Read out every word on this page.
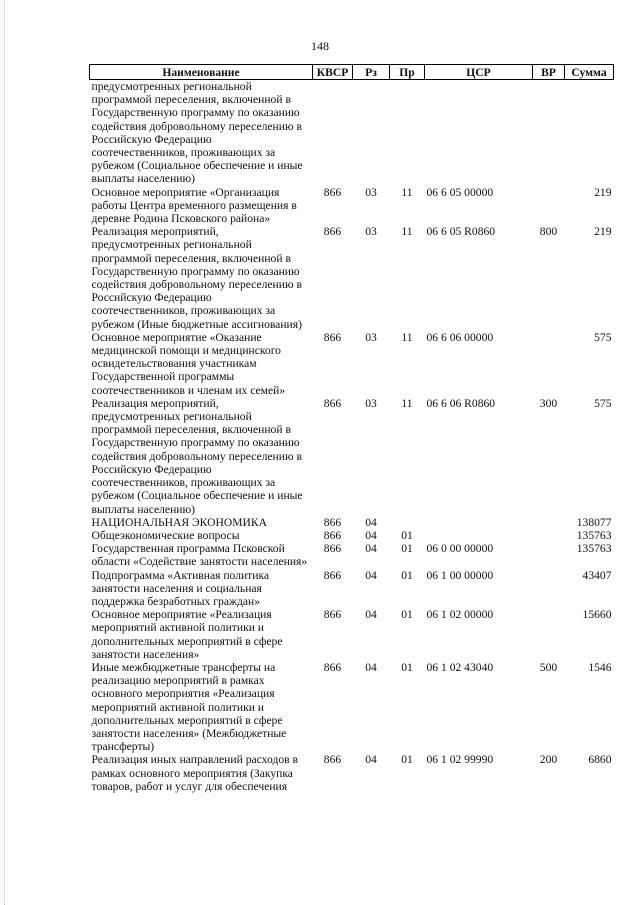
148
Наименование	КВСР	Рз	Пр	ЦСР	ВР	Сумма
предусмотренных региональной программой переселения, включенной в Государственную программу по оказанию содействия добровольному переселению в Российскую Федерацию соотечественников, проживающих за рубежом (Социальное обеспечение и иные выплаты населению)						
Основное мероприятие «Организация работы Центра временного размещения в деревне Родина Псковского района»	866	03	11	06 6 05 00000		219
Реализация мероприятий, предусмотренных региональной программой переселения, включенной в Государственную программу по оказанию содействия добровольному переселению в Российскую Федерацию соотечественников, проживающих за рубежом (Иные бюджетные ассигнования)	866	03	11	06 6 05 R0860	800	219
Основное мероприятие «Оказание медицинской помощи и медицинского освидетельствования участникам Государственной программы соотечественников и членам их семей»	866	03	11	06 6 06 00000		575
Реализация мероприятий, предусмотренных региональной программой переселения, включенной в Государственную программу по оказанию содействия добровольному переселению в Российскую Федерацию соотечественников, проживающих за рубежом (Социальное обеспечение и иные выплаты населению)	866	03	11	06 6 06 R0860	300	575
НАЦИОНАЛЬНАЯ ЭКОНОМИКА	866	04				138077
Общеэкономические вопросы	866	04	01			135763
Государственная программа Псковской области «Содействие занятости населения»	866	04	01	06 0 00 00000		135763
Подпрограмма «Активная политика занятости населения и социальная поддержка безработных граждан»	866	04	01	06 1 00 00000		43407
Основное мероприятие «Реализация мероприятий активной политики и дополнительных мероприятий в сфере занятости населения»	866	04	01	06 1 02 00000		15660
Иные межбюджетные трансферты на реализацию мероприятий в рамках основного мероприятия «Реализация мероприятий активной политики и дополнительных мероприятий в сфере занятости населения» (Межбюджетные трансферты)	866	04	01	06 1 02 43040	500	1546
Реализация иных направлений расходов в рамках основного мероприятия (Закупка товаров, работ и услуг для обеспечения	866	04	01	06 1 02 99990	200	6860
